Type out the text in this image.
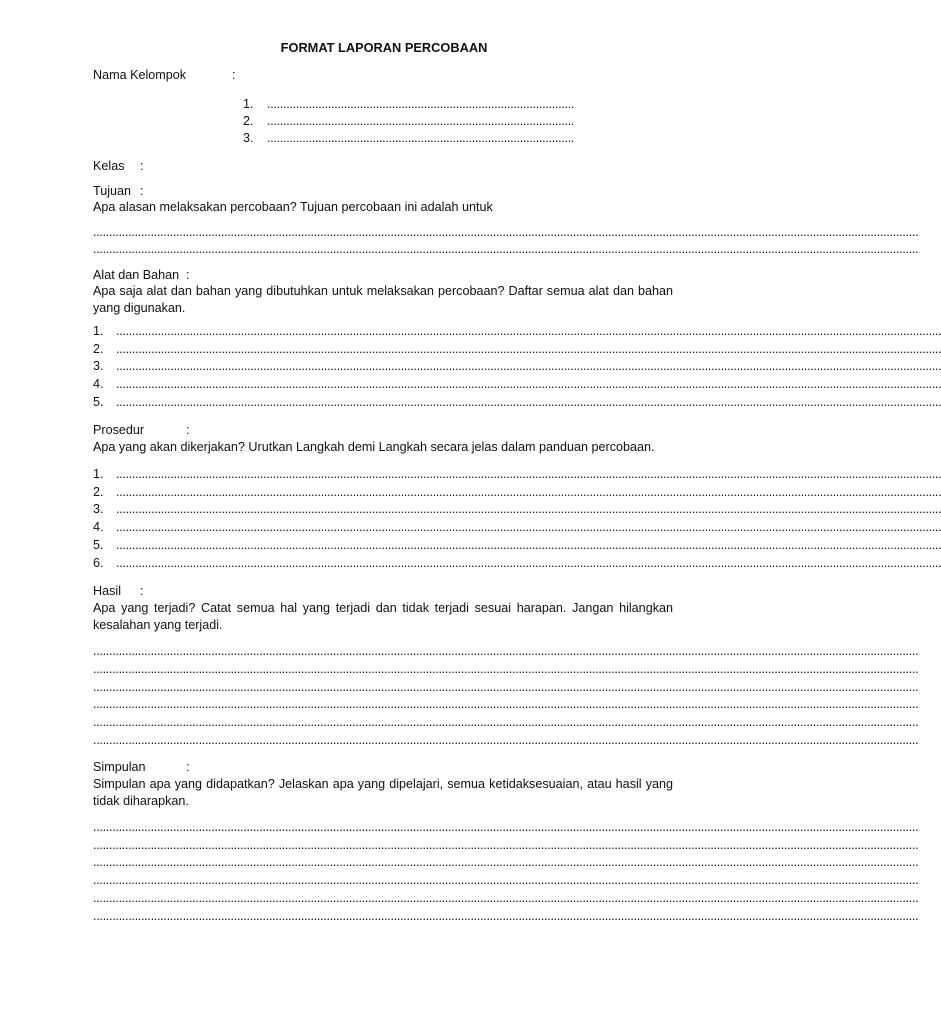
FORMAT LAPORAN PERCOBAAN
Nama Kelompok	:
1. ................................................................................................
2. ................................................................................................
3. ................................................................................................
Kelas :
Tujuan :
Apa alasan melaksakan percobaan? Tujuan percobaan ini adalah untuk
..................................................................................................................................................................................................................................................................
..................................................................................................................................................................................................................................................................
Alat dan Bahan :
Apa saja alat dan bahan yang dibutuhkan untuk melaksakan percobaan? Daftar semua alat dan bahan yang digunakan.
1. ..................................................................................................................................................................................................................................................................
2. ..................................................................................................................................................................................................................................................................
3. ..................................................................................................................................................................................................................................................................
4. ..................................................................................................................................................................................................................................................................
5. ..................................................................................................................................................................................................................................................................
Prosedur	:
Apa yang akan dikerjakan? Urutkan Langkah demi Langkah secara jelas dalam panduan percobaan.
1. ..................................................................................................................................................................................................................................................................
2. ..................................................................................................................................................................................................................................................................
3. ..................................................................................................................................................................................................................................................................
4. ..................................................................................................................................................................................................................................................................
5. ..................................................................................................................................................................................................................................................................
6. ..................................................................................................................................................................................................................................................................
Hasil :
Apa yang terjadi? Catat semua hal yang terjadi dan tidak terjadi sesuai harapan. Jangan hilangkan kesalahan yang terjadi.
..................................................................................................................................................................................................................................................................
..................................................................................................................................................................................................................................................................
..................................................................................................................................................................................................................................................................
..................................................................................................................................................................................................................................................................
..................................................................................................................................................................................................................................................................
..................................................................................................................................................................................................................................................................
Simpulan	:
Simpulan apa yang didapatkan? Jelaskan apa yang dipelajari, semua ketidaksesuaian, atau hasil yang tidak diharapkan.
..................................................................................................................................................................................................................................................................
..................................................................................................................................................................................................................................................................
..................................................................................................................................................................................................................................................................
..................................................................................................................................................................................................................................................................
..................................................................................................................................................................................................................................................................
..................................................................................................................................................................................................................................................................
